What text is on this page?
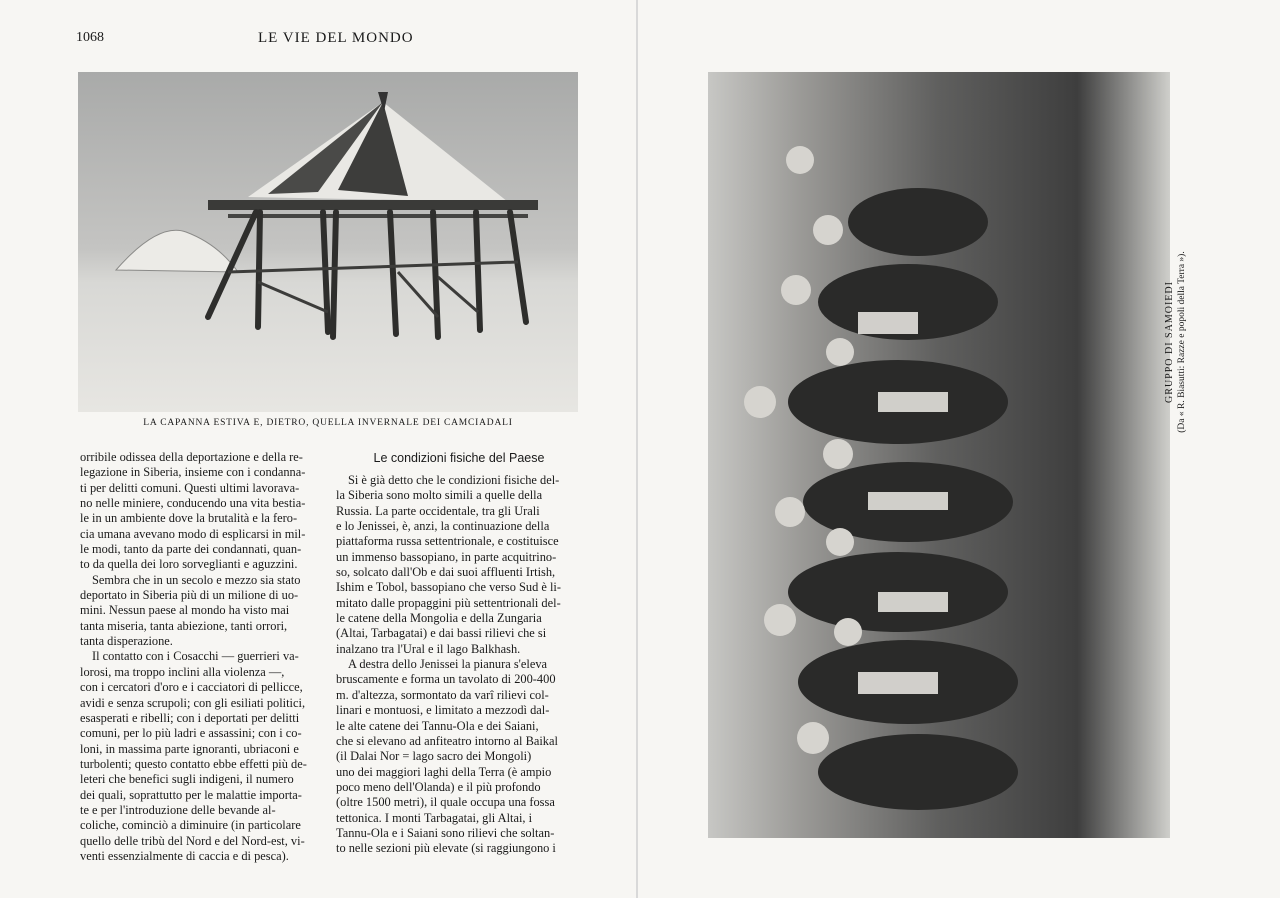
1068	LE VIE DEL MONDO
LA CAPANNA ESTIVA E, DIETRO, QUELLA INVERNALE DEI CAMCIADALI
orribile odissea della deportazione e della re-
legazione in Siberia, insieme con i condanna-
ti per delitti comuni. Questi ultimi lavorava-
no nelle miniere, conducendo una vita bestia-
le in un ambiente dove la brutalità e la fero-
cia umana avevano modo di esplicarsi in mil-
le modi, tanto da parte dei condannati, quan-
to da quella dei loro sorveglianti e aguzzini.
Sembra che in un secolo e mezzo sia stato
deportato in Siberia più di un milione di uo-
mini. Nessun paese al mondo ha visto mai
tanta miseria, tanta abiezione, tanti orrori,
tanta disperazione.
Il contatto con i Cosacchi — guerrieri va-
lorosi, ma troppo inclini alla violenza —,
con i cercatori d'oro e i cacciatori di pellicce,
avidi e senza scrupoli; con gli esiliati politici,
esasperati e ribelli; con i deportati per delitti
comuni, per lo più ladri e assassini; con i co-
loni, in massima parte ignoranti, ubriaconi e
turbolenti; questo contatto ebbe effetti più de-
leteri che benefici sugli indigeni, il numero
dei quali, soprattutto per le malattie importa-
te e per l'introduzione delle bevande al-
coliche, cominciò a diminuire (in particolare
quello delle tribù del Nord e del Nord-est, vi-
venti essenzialmente di caccia e di pesca).
Le condizioni fisiche del Paese
Si è già detto che le condizioni fisiche del-
la Siberia sono molto simili a quelle della
Russia. La parte occidentale, tra gli Urali
e lo Jenissei, è, anzi, la continuazione della
piattaforma russa settentrionale, e costituisce
un immenso bassopiano, in parte acquitrino-
so, solcato dall'Ob e dai suoi affluenti Irtish,
Ishim e Tobol, bassopiano che verso Sud è li-
mitato dalle propaggini più settentrionali del-
le catene della Mongolia e della Zungaria
(Altai, Tarbagatai) e dai bassi rilievi che si
inalzano tra l'Ural e il lago Balkhash.
A destra dello Jenissei la pianura s'eleva
bruscamente e forma un tavolato di 200-400
m. d'altezza, sormontato da varî rilievi col-
linari e montuosi, e limitato a mezzodì dal-
le alte catene dei Tannu-Ola e dei Saiani,
che si elevano ad anfiteatro intorno al Baikal
(il Dalai Nor = lago sacro dei Mongoli)
uno dei maggiori laghi della Terra (è ampio
poco meno dell'Olanda) e il più profondo
(oltre 1500 metri), il quale occupa una fossa
tettonica. I monti Tarbagatai, gli Altai, i
Tannu-Ola e i Saiani sono rilievi che soltan-
to nelle sezioni più elevate (si raggiungono i
GRUPPO DI SAMOIEDI (Da « R. Biasutti: Razze e popoli della Terra »).
